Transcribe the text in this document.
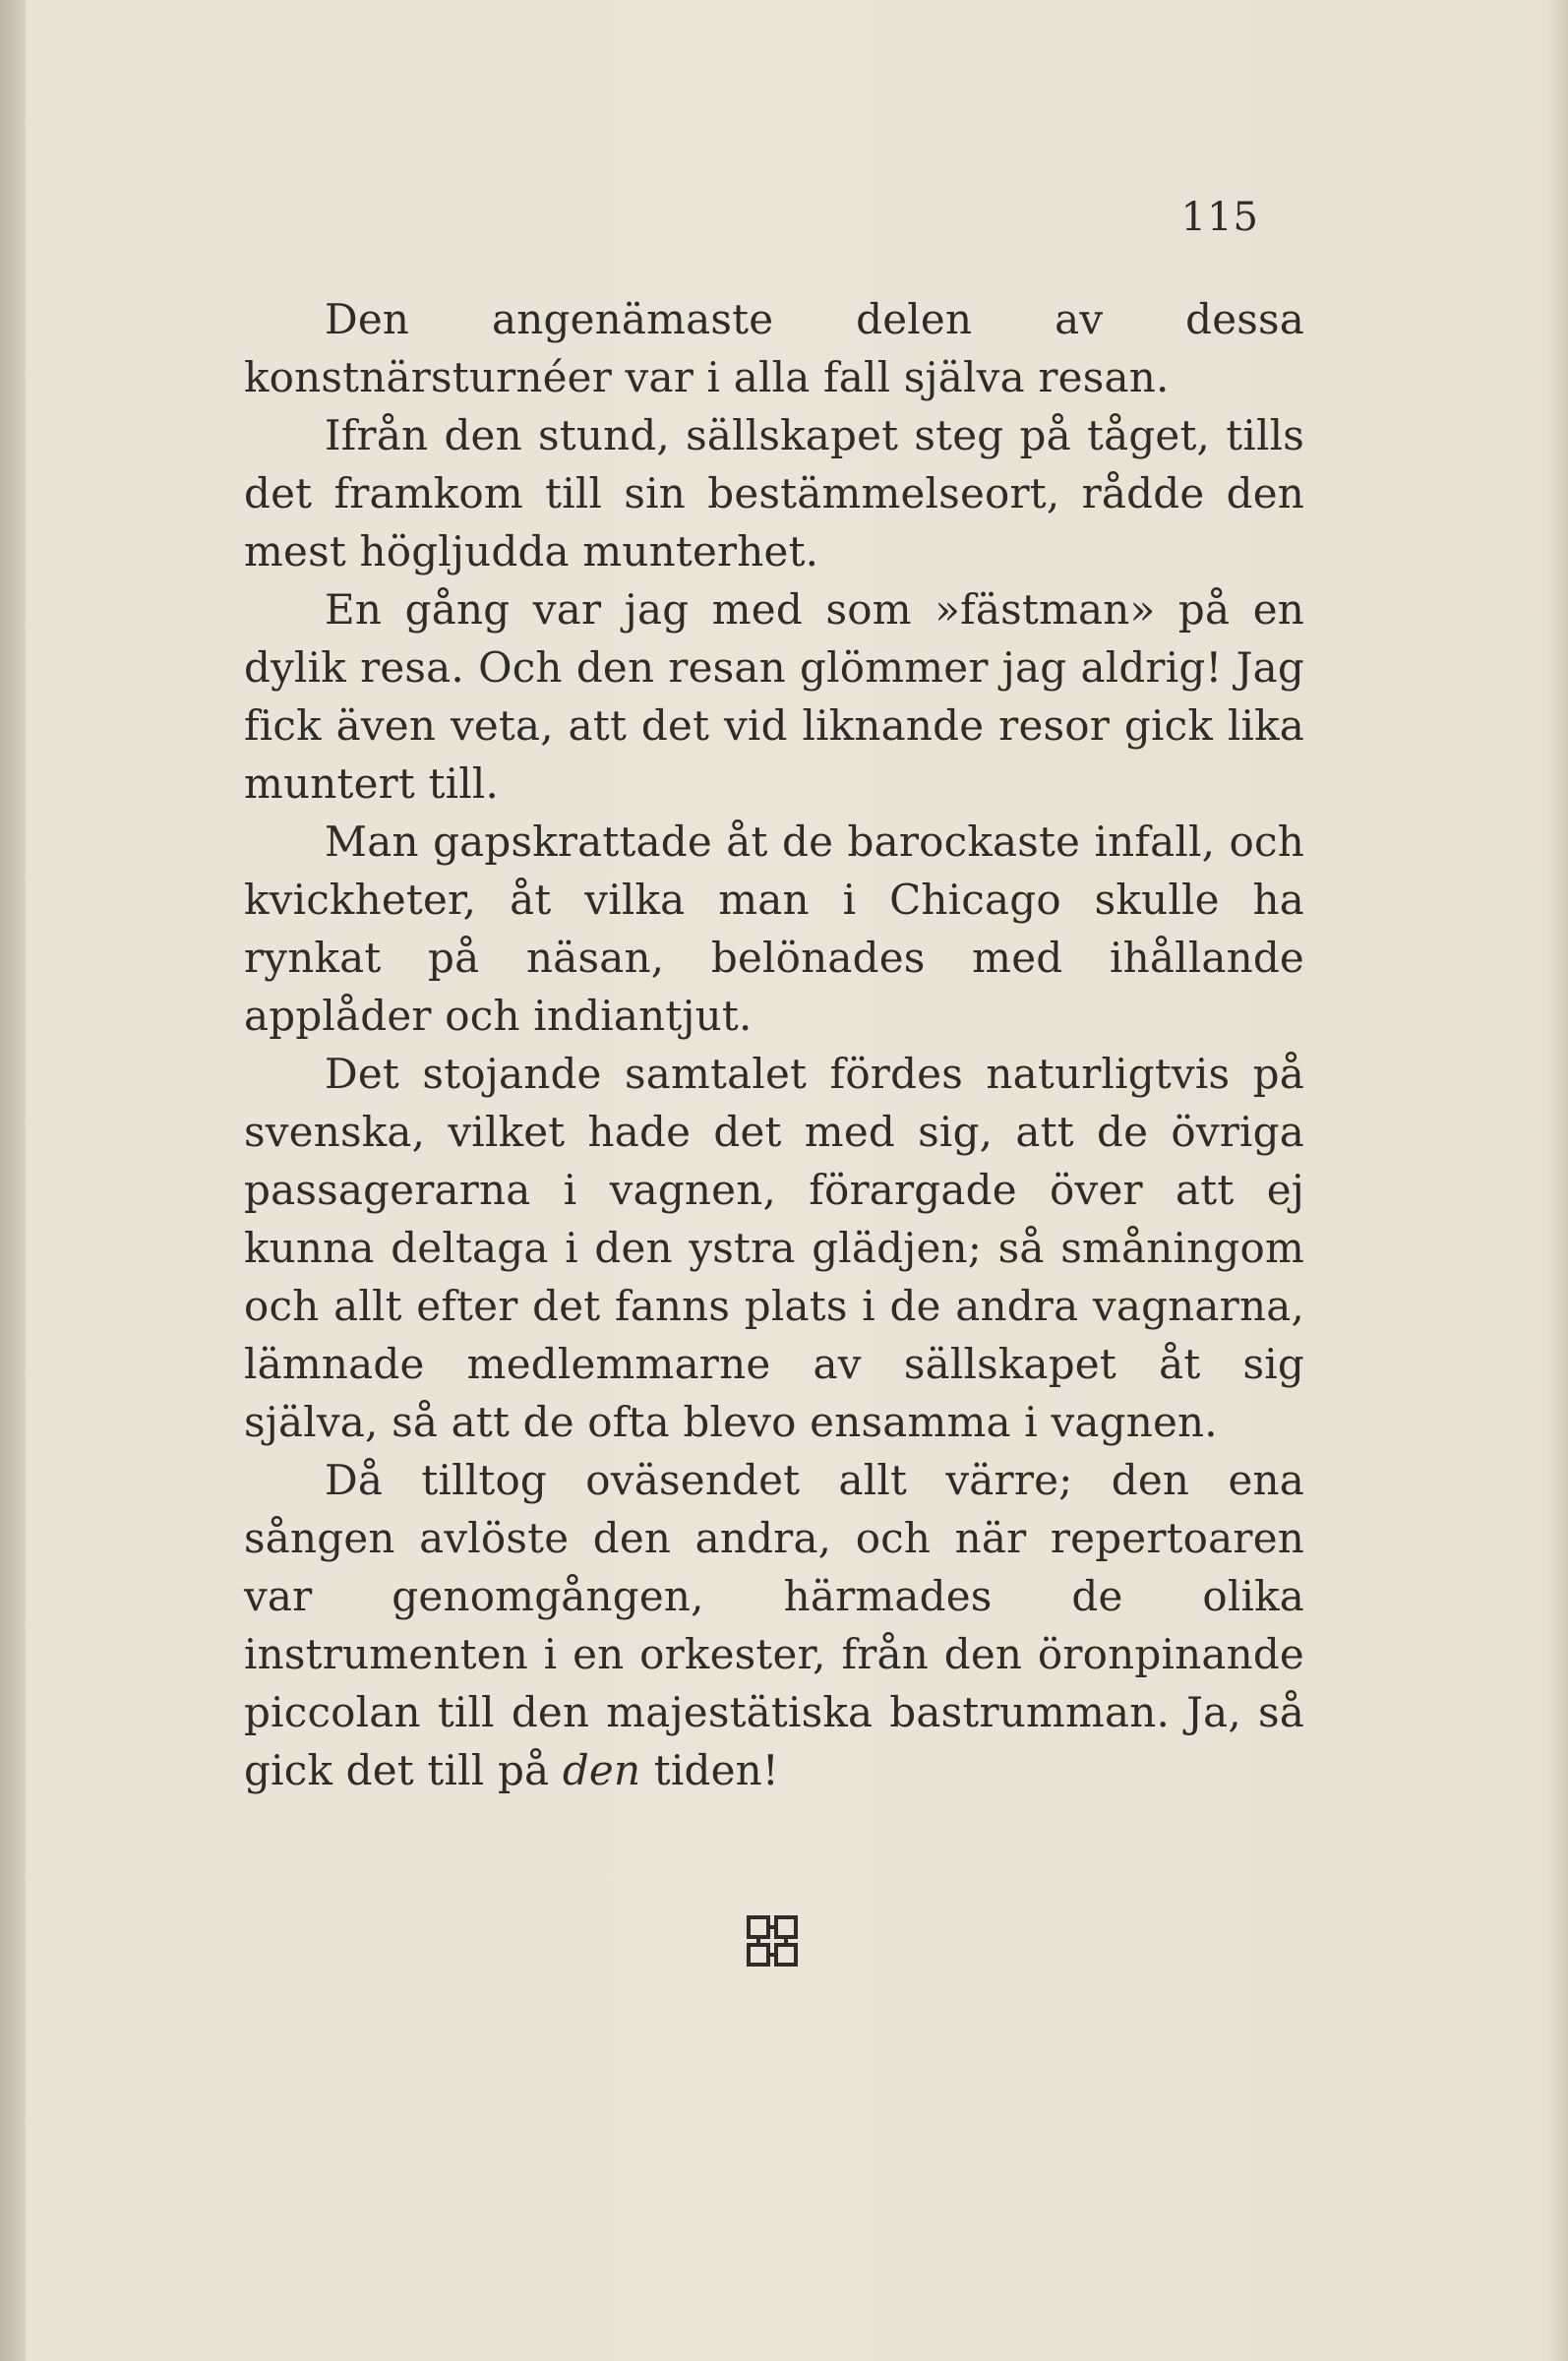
115

Den angenämaste delen av dessa konstnärsturnéer var i alla fall själva resan.

Ifrån den stund, sällskapet steg på tåget, tills det framkom till sin bestämmelseort, rådde den mest högljudda munterhet.

En gång var jag med som »fästman» på en dylik resa. Och den resan glömmer jag aldrig! Jag fick även veta, att det vid liknande resor gick lika muntert till.

Man gapskrattade åt de barockaste infall, och kvickheter, åt vilka man i Chicago skulle ha rynkat på näsan, belönades med ihållande applåder och indiantjut.

Det stojande samtalet fördes naturligtvis på svenska, vilket hade det med sig, att de övriga passagerarna i vagnen, förargade över att ej kunna deltaga i den ystra glädjen; så småningom och allt efter det fanns plats i de andra vagnarna, lämnade medlemmarne av sällskapet åt sig själva, så att de ofta blevo ensamma i vagnen.

Då tilltog oväsendet allt värre; den ena sången avlöste den andra, och när repertoaren var genomgången, härmades de olika instrumenten i en orkester, från den öronpinande piccolan till den majestätiska bastrumman. Ja, så gick det till på den tiden!
